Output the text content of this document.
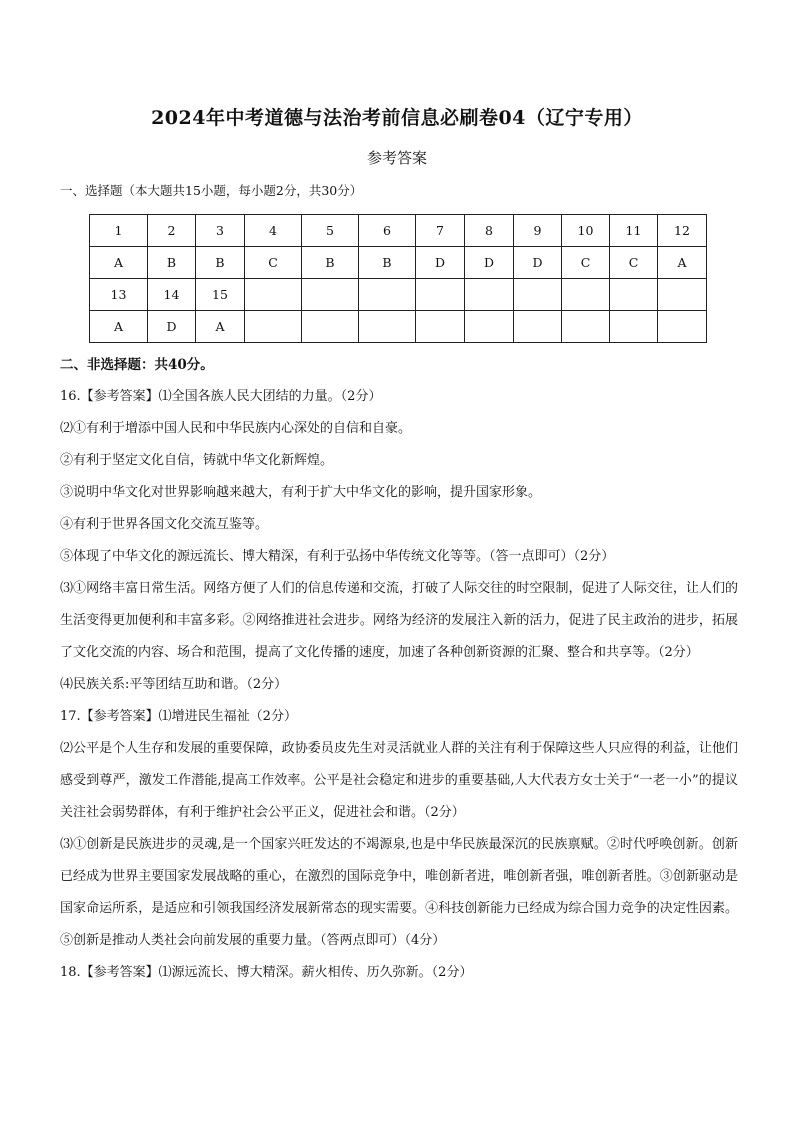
2024年中考道德与法治考前信息必刷卷04（辽宁专用）
参考答案
一、选择题（本大题共15小题，每小题2分，共30分）
1	2	3	4	5	6	7	8	9	10	11	12
A	B	B	C	B	B	D	D	D	C	C	A
13	14	15									
A	D	A									
二、非选择题：共40分。

16.【参考答案】⑴全国各族人民大团结的力量。（2分）

⑵①有利于增添中国人民和中华民族内心深处的自信和自豪。

②有利于坚定文化自信，铸就中华文化新辉煌。

③说明中华文化对世界影响越来越大，有利于扩大中华文化的影响，提升国家形象。

④有利于世界各国文化交流互鉴等。

⑤体现了中华文化的源远流长、博大精深，有利于弘扬中华传统文化等等。（答一点即可）（2分）

⑶①网络丰富日常生活。网络方便了人们的信息传递和交流，打破了人际交往的时空限制，促进了人际交往，让人们的生活变得更加便利和丰富多彩。②网络推进社会进步。网络为经济的发展注入新的活力，促进了民主政治的进步，拓展了文化交流的内容、场合和范围，提高了文化传播的速度，加速了各种创新资源的汇聚、整合和共享等。（2分）

⑷民族关系:平等团结互助和谐。（2分）

17.【参考答案】⑴增进民生福祉（2分）

⑵公平是个人生存和发展的重要保障，政协委员皮先生对灵活就业人群的关注有利于保障这些人只应得的利益，让他们感受到尊严，激发工作潜能,提高工作效率。公平是社会稳定和进步的重要基础,人大代表方女士关于“一老一小”的提议关注社会弱势群体，有利于维护社会公平正义，促进社会和谐。（2分）

⑶①创新是民族进步的灵魂,是一个国家兴旺发达的不竭源泉,也是中华民族最深沉的民族禀赋。②时代呼唤创新。创新已经成为世界主要国家发展战略的重心，在激烈的国际竞争中，唯创新者进，唯创新者强，唯创新者胜。③创新驱动是国家命运所系，是适应和引领我国经济发展新常态的现实需要。④科技创新能力已经成为综合国力竞争的决定性因素。⑤创新是推动人类社会向前发展的重要力量。（答两点即可）（4分）

18.【参考答案】⑴源远流长、博大精深。薪火相传、历久弥新。（2分）
